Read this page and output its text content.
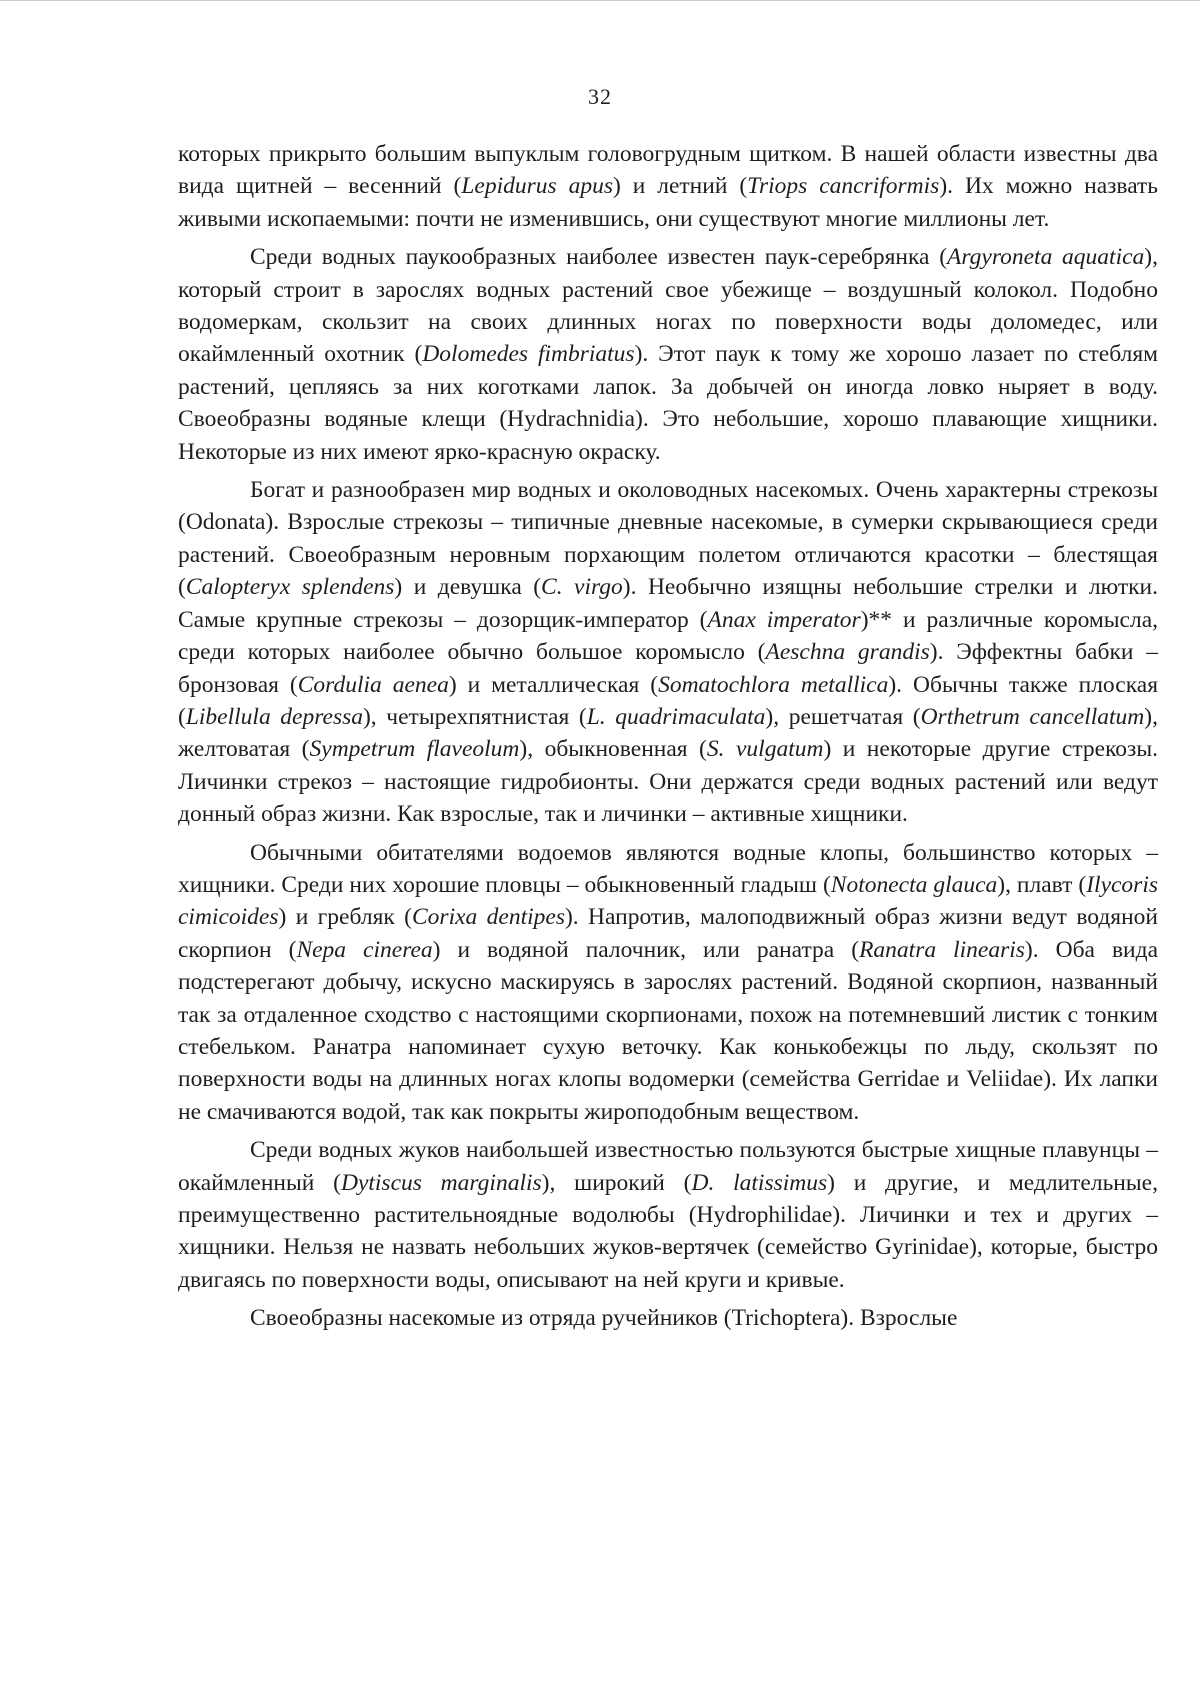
32

которых прикрыто большим выпуклым головогрудным щитком. В нашей области известны два вида щитней – весенний (Lepidurus apus) и летний (Triops cancriformis). Их можно назвать живыми ископаемыми: почти не изменившись, они существуют многие миллионы лет.

Среди водных паукообразных наиболее известен паук-серебрянка (Argyroneta aquatica), который строит в зарослях водных растений свое убежище – воздушный колокол. Подобно водомеркам, скользит на своих длинных ногах по поверхности воды доломедес, или окаймленный охотник (Dolomedes fimbriatus). Этот паук к тому же хорошо лазает по стеблям растений, цепляясь за них коготками лапок. За добычей он иногда ловко ныряет в воду. Своеобразны водяные клещи (Hydrachnidia). Это небольшие, хорошо плавающие хищники. Некоторые из них имеют ярко-красную окраску.

Богат и разнообразен мир водных и околоводных насекомых. Очень характерны стрекозы (Odonata). Взрослые стрекозы – типичные дневные насекомые, в сумерки скрывающиеся среди растений. Своеобразным неровным порхающим полетом отличаются красотки – блестящая (Calopteryx splendens) и девушка (C. virgo). Необычно изящны небольшие стрелки и лютки. Самые крупные стрекозы – дозорщик-император (Anax imperator)** и различные коромысла, среди которых наиболее обычно большое коромысло (Aeschna grandis). Эффектны бабки – бронзовая (Cordulia aenea) и металлическая (Somatochlora metallica). Обычны также плоская (Libellula depressa), четырехпятнистая (L. quadrimaculata), решетчатая (Orthetrum cancellatum), желтоватая (Sympetrum flaveolum), обыкновенная (S. vulgatum) и некоторые другие стрекозы. Личинки стрекоз – настоящие гидробионты. Они держатся среди водных растений или ведут донный образ жизни. Как взрослые, так и личинки – активные хищники.

Обычными обитателями водоемов являются водные клопы, большинство которых – хищники. Среди них хорошие пловцы – обыкновенный гладыш (Notonecta glauca), плавт (Ilycoris cimicoides) и гребляк (Corixa dentipes). Напротив, малоподвижный образ жизни ведут водяной скорпион (Nepa cinerea) и водяной палочник, или ранатра (Ranatra linearis). Оба вида подстерегают добычу, искусно маскируясь в зарослях растений. Водяной скорпион, названный так за отдаленное сходство с настоящими скорпионами, похож на потемневший листик с тонким стебельком. Ранатра напоминает сухую веточку. Как конькобежцы по льду, скользят по поверхности воды на длинных ногах клопы водомерки (семейства Gerridae и Veliidae). Их лапки не смачиваются водой, так как покрыты жироподобным веществом.

Среди водных жуков наибольшей известностью пользуются быстрые хищные плавунцы – окаймленный (Dytiscus marginalis), широкий (D. latissimus) и другие, и медлительные, преимущественно растительноядные водолюбы (Hydrophilidae). Личинки и тех и других – хищники. Нельзя не назвать небольших жуков-вертячек (семейство Gyrinidae), которые, быстро двигаясь по поверхности воды, описывают на ней круги и кривые.

Своеобразны насекомые из отряда ручейников (Trichoptera). Взрослые
